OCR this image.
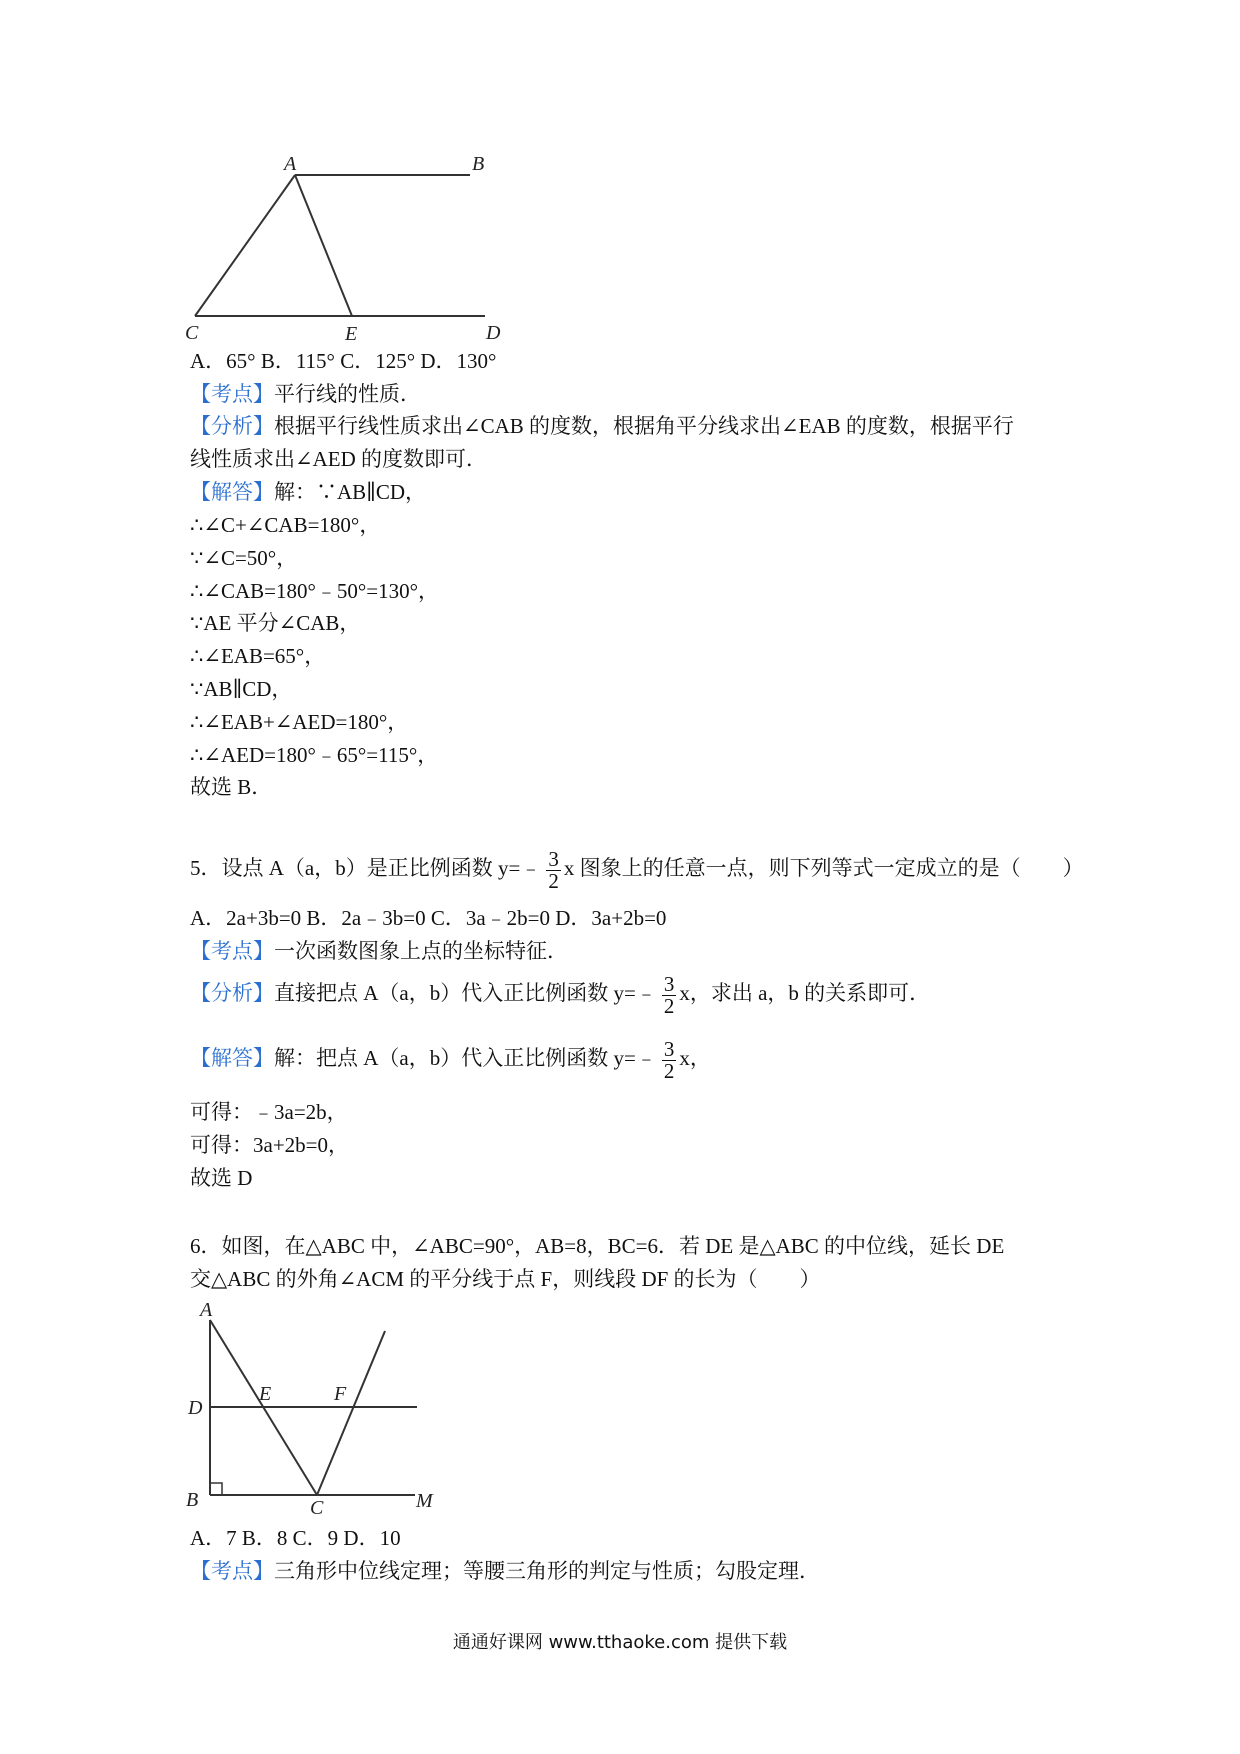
A	B
C	E	D
A．65° B．115° C．125° D．130°
【考点】平行线的性质．
【分析】根据平行线性质求出∠CAB 的度数，根据角平分线求出∠EAB 的度数，根据平行
线性质求出∠AED 的度数即可．
【解答】解：∵AB∥CD，
∴∠C+∠CAB=180°，
∵∠C=50°，
∴∠CAB=180°﹣50°=130°，
∵AE 平分∠CAB，
∴∠EAB=65°，
∵AB∥CD，
∴∠EAB+∠AED=180°，
∴∠AED=180°﹣65°=115°，
故选 B．
5．设点 A（a，b）是正比例函数 y=﹣ $\frac{3}{2}$ x 图象上的任意一点，则下列等式一定成立的是（　　）
A．2a+3b=0 B．2a﹣3b=0 C．3a﹣2b=0 D．3a+2b=0
【考点】一次函数图象上点的坐标特征．
【分析】直接把点 A（a，b）代入正比例函数 y=﹣ $\frac{3}{2}$ x，求出 a，b 的关系即可．
【解答】解：把点 A（a，b）代入正比例函数 y=﹣ $\frac{3}{2}$ x，
可得：﹣3a=2b，
可得：3a+2b=0，
故选 D
6．如图，在△ABC 中，∠ABC=90°，AB=8，BC=6．若 DE 是△ABC 的中位线，延长 DE
交△ABC 的外角∠ACM 的平分线于点 F，则线段 DF 的长为（　　）
A
D
E	F
B	C	M
A．7 B．8 C．9 D．10
【考点】三角形中位线定理；等腰三角形的判定与性质；勾股定理．
通通好课网 www.tthaoke.com 提供下载
